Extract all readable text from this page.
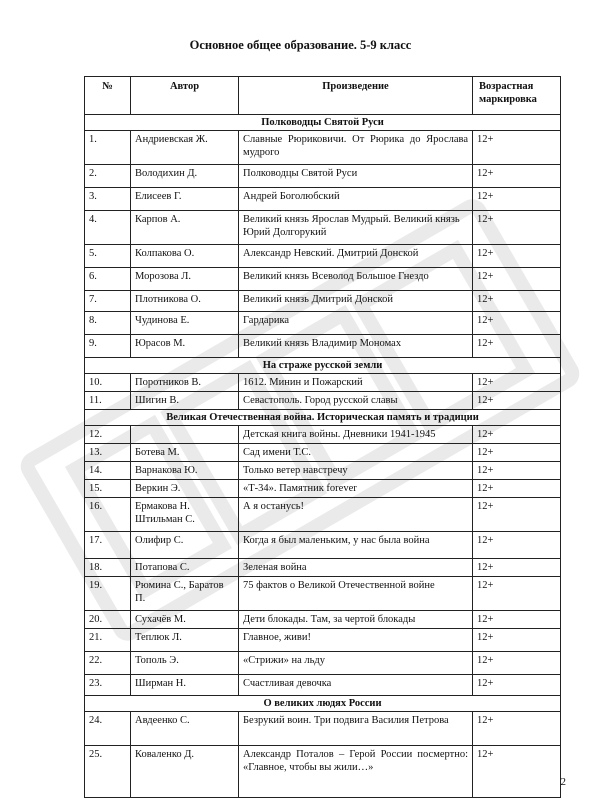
Основное общее образование. 5-9 класс
№	Автор	Произведение	Возрастная маркировка
Полководцы Святой Руси			
1.	Андриевская Ж.	Славные Рюриковичи. От Рюрика до Ярослава мудрого	12+
2.	Володихин Д.	Полководцы Святой Руси	12+
3.	Елисеев Г.	Андрей Боголюбский	12+
4.	Карпов А.	Великий князь Ярослав Мудрый. Великий князь Юрий Долгорукий	12+
5.	Колпакова О.	Александр Невский. Дмитрий Донской	12+
6.	Морозова Л.	Великий князь Всеволод Большое Гнездо	12+
7.	Плотникова О.	Великий князь Дмитрий Донской	12+
8.	Чудинова Е.	Гардарика	12+
9.	Юрасов М.	Великий князь Владимир Мономах	12+
На страже русской земли			
10.	Поротников В.	1612. Минин и Пожарский	12+
11.	Шигин В.	Севастополь. Город русской славы	12+
Великая Отечественная война. Историческая память и традиции			
12.		Детская книга войны. Дневники 1941-1945	12+
13.	Ботева М.	Сад имени Т.С.	12+
14.	Варнакова Ю.	Только ветер навстречу	12+
15.	Веркин Э.	«Т-34». Памятник forever	12+
16.	Ермакова Н. Штильман С.	А я останусь!	12+
17.	Олифир С.	Когда я был маленьким, у нас была война	12+
18.	Потапова С.	Зеленая война	12+
19.	Рюмина С., Баратов П.	75 фактов о Великой Отечественной войне	12+
20.	Сухачёв М.	Дети блокады. Там, за чертой блокады	12+
21.	Теплюк Л.	Главное, живи!	12+
22.	Тополь Э.	«Стрижи» на льду	12+
23.	Ширман Н.	Счастливая девочка	12+
О великих людях России			
24.	Авдеенко С.	Безрукий воин. Три подвига Василия Петрова	12+
25.	Коваленко Д.	Александр Поталов – Герой России посмертно: «Главное, чтобы вы жили…»	12+
2
